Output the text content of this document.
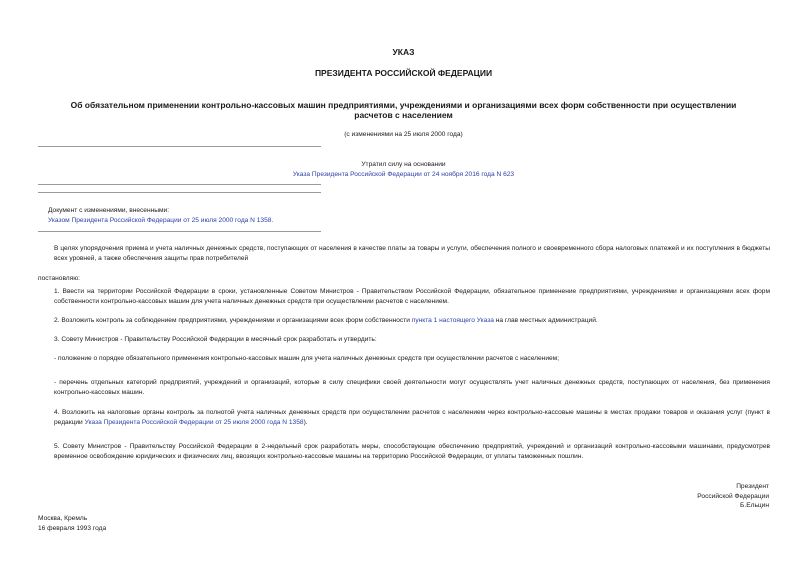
УКАЗ
ПРЕЗИДЕНТА РОССИЙСКОЙ ФЕДЕРАЦИИ
Об обязательном применении контрольно-кассовых машин предприятиями, учреждениями и организациями всех форм собственности при осуществлении
расчетов с населением
(с изменениями на 25 июля 2000 года)
Утратил силу на основании
Указа Президента Российской Федерации от 24 ноября 2016 года N 623
Документ с изменениями, внесенными:
Указом Президента Российской Федерации от 25 июля 2000 года N 1358.
В целях упорядочения приема и учета наличных денежных средств, поступающих от населения в качестве платы за товары и услуги, обеспечения полного и своевременного сбора налоговых платежей и их поступления в бюджеты всех уровней, а также обеспечения защиты прав потребителей
постановляю:
1. Ввести на территории Российской Федерации в сроки, установленные Советом Министров - Правительством Российской Федерации, обязательное применение предприятиями, учреждениями и организациями всех форм собственности контрольно-кассовых машин для учета наличных денежных средств при осуществлении расчетов с населением.
2. Возложить контроль за соблюдением предприятиями, учреждениями и организациями всех форм собственности пункта 1 настоящего Указа на глав местных администраций.
3. Совету Министров - Правительству Российской Федерации в месячный срок разработать и утвердить:
- положение о порядке обязательного применения контрольно-кассовых машин для учета наличных денежных средств при осуществлении расчетов с населением;
- перечень отдельных категорий предприятий, учреждений и организаций, которые в силу специфики своей деятельности могут осуществлять учет наличных денежных средств, поступающих от населения, без применения контрольно-кассовых машин.
4. Возложить на налоговые органы контроль за полнотой учета наличных денежных средств при осуществлении расчетов с населением через контрольно-кассовые машины в местах продажи товаров и оказания услуг (пункт в редакции Указа Президента Российской Федерации от 25 июля 2000 года N 1358).
5. Совету Министров - Правительству Российской Федерации в 2-недельный срок разработать меры, способствующие обеспечению предприятий, учреждений и организаций контрольно-кассовыми машинами, предусмотрев временное освобождение юридических и физических лиц, ввозящих контрольно-кассовые машины на территорию Российской Федерации, от уплаты таможенных пошлин.
Президент
Российской Федерации
Б.Ельцин
Москва, Кремль
16 февраля 1993 года
